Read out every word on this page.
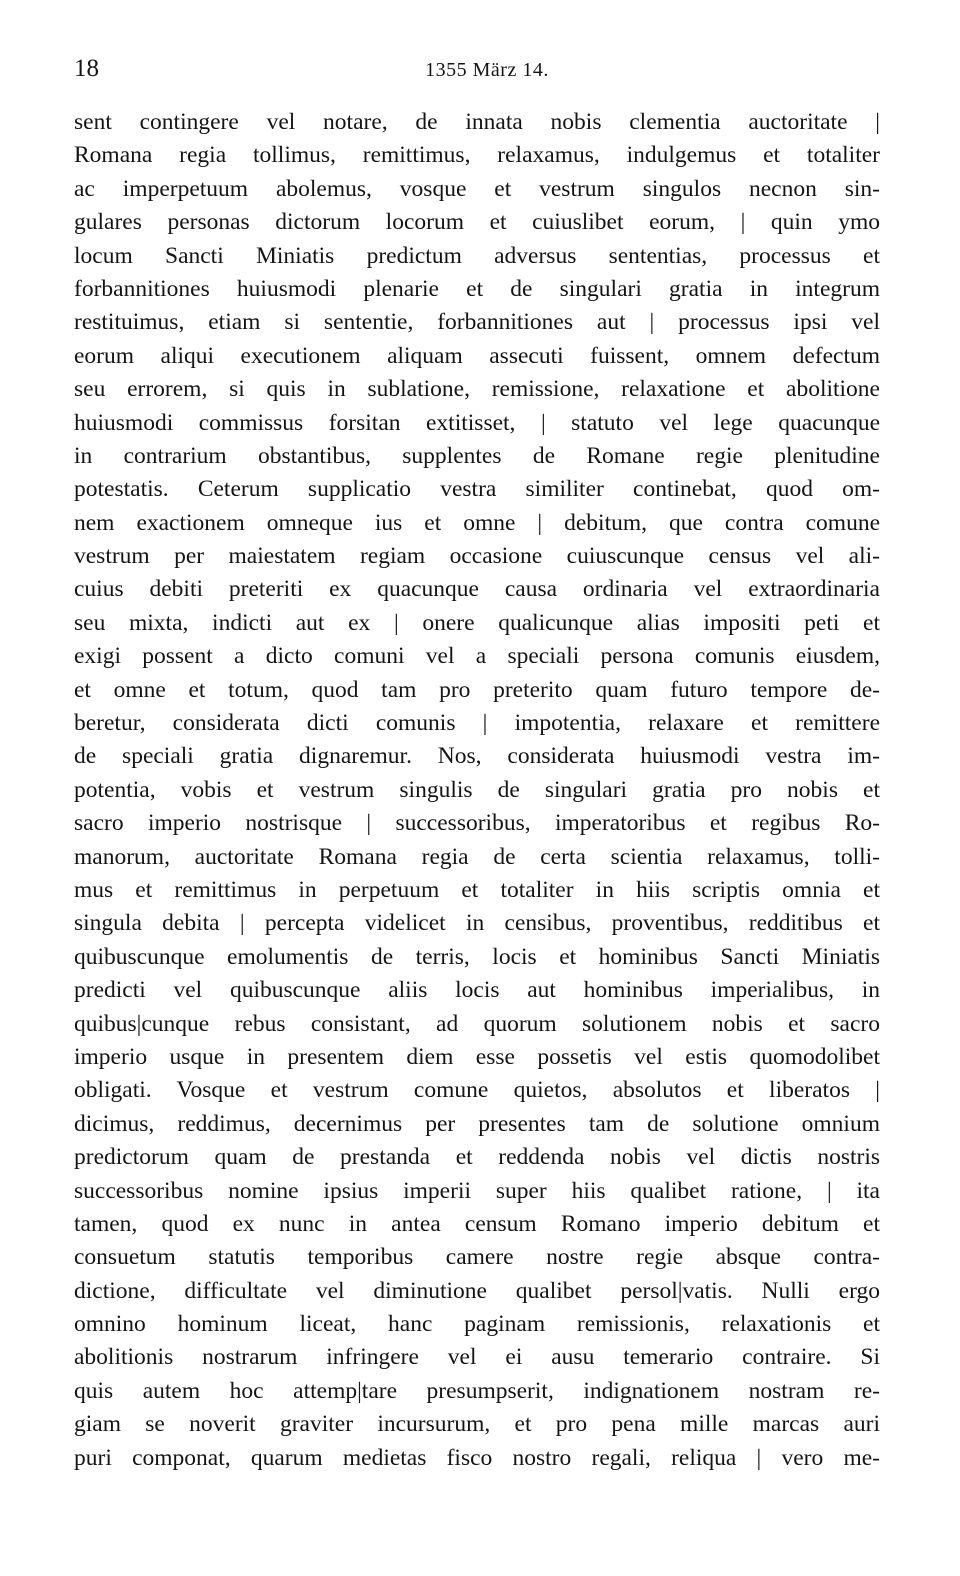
18	1355 März 14.
sent contingere vel notare, de innata nobis clementia auctoritate |
Romana regia tollimus, remittimus, relaxamus, indulgemus et totaliter
ac imperpetuum abolemus, vosque et vestrum singulos necnon sin-
gulares personas dictorum locorum et cuiuslibet eorum, | quin ymo
locum Sancti Miniatis predictum adversus sententias, processus et
forbannitiones huiusmodi plenarie et de singulari gratia in integrum
restituimus, etiam si sententie, forbannitiones aut | processus ipsi vel
eorum aliqui executionem aliquam assecuti fuissent, omnem defectum
seu errorem, si quis in sublatione, remissione, relaxatione et abolitione
huiusmodi commissus forsitan extitisset, | statuto vel lege quacunque
in contrarium obstantibus, supplentes de Romane regie plenitudine
potestatis. Ceterum supplicatio vestra similiter continebat, quod om-
nem exactionem omneque ius et omne | debitum, que contra comune
vestrum per maiestatem regiam occasione cuiuscunque census vel ali-
cuius debiti preteriti ex quacunque causa ordinaria vel extraordinaria
seu mixta, indicti aut ex | onere qualicunque alias impositi peti et
exigi possent a dicto comuni vel a speciali persona comunis eiusdem,
et omne et totum, quod tam pro preterito quam futuro tempore de-
beretur, considerata dicti comunis | impotentia, relaxare et remittere
de speciali gratia dignaremur. Nos, considerata huiusmodi vestra im-
potentia, vobis et vestrum singulis de singulari gratia pro nobis et
sacro imperio nostrisque | successoribus, imperatoribus et regibus Ro-
manorum, auctoritate Romana regia de certa scientia relaxamus, tolli-
mus et remittimus in perpetuum et totaliter in hiis scriptis omnia et
singula debita | percepta videlicet in censibus, proventibus, redditibus et
quibuscunque emolumentis de terris, locis et hominibus Sancti Miniatis
predicti vel quibuscunque aliis locis aut hominibus imperialibus, in
quibus|cunque rebus consistant, ad quorum solutionem nobis et sacro
imperio usque in presentem diem esse possetis vel estis quomodolibet
obligati. Vosque et vestrum comune quietos, absolutos et liberatos |
dicimus, reddimus, decernimus per presentes tam de solutione omnium
predictorum quam de prestanda et reddenda nobis vel dictis nostris
successoribus nomine ipsius imperii super hiis qualibet ratione, | ita
tamen, quod ex nunc in antea censum Romano imperio debitum et
consuetum statutis temporibus camere nostre regie absque contra-
dictione, difficultate vel diminutione qualibet persol|vatis. Nulli ergo
omnino hominum liceat, hanc paginam remissionis, relaxationis et
abolitionis nostrarum infringere vel ei ausu temerario contraire. Si
quis autem hoc attemp|tare presumpserit, indignationem nostram re-
giam se noverit graviter incursurum, et pro pena mille marcas auri
puri componat, quarum medietas fisco nostro regali, reliqua | vero me-
